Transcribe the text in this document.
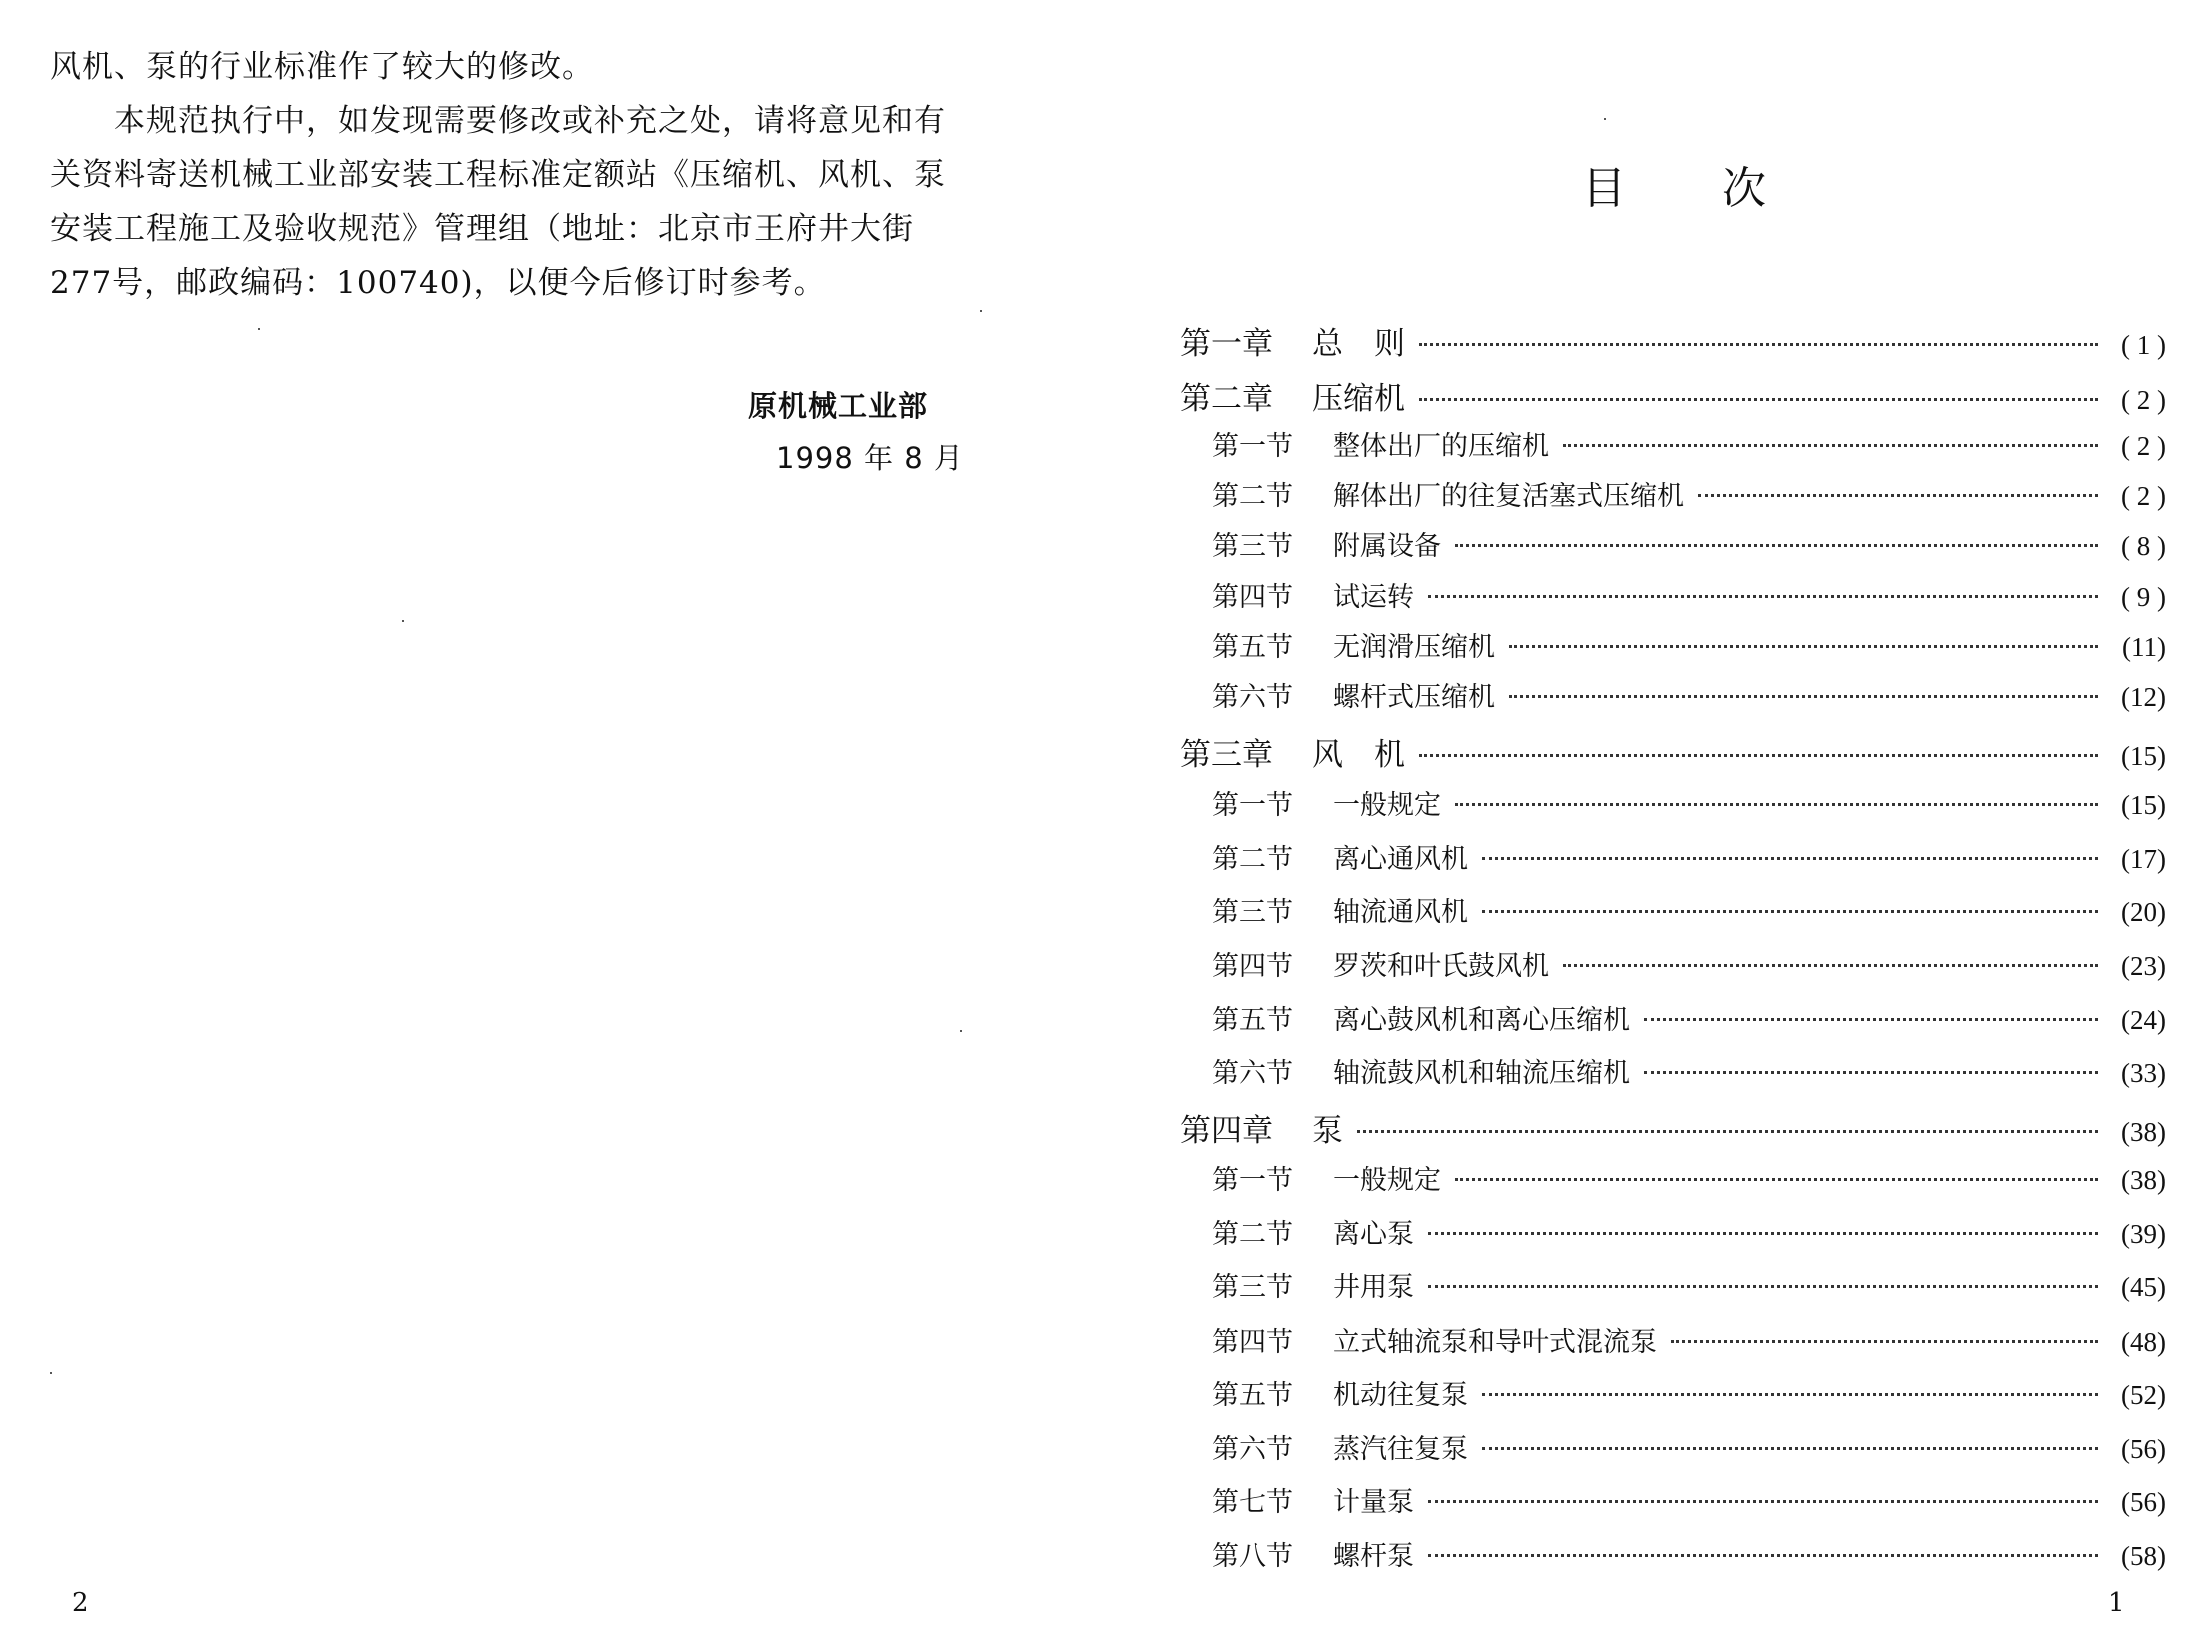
风机、泵的行业标准作了较大的修改。

本规范执行中，如发现需要修改或补充之处，请将意见和有

关资料寄送机械工业部安装工程标准定额站《压缩机、风机、泵

安装工程施工及验收规范》管理组（地址：北京市王府井大街

277号，邮政编码：100740)，以便今后修订时参考。

原机械工业部
1998 年 8 月
2
目 次
第一章 总　则	( 1 )
第二章 压缩机	( 2 )
第一节 整体出厂的压缩机	( 2 )
第二节 解体出厂的往复活塞式压缩机	( 2 )
第三节 附属设备	( 8 )
第四节 试运转	( 9 )
第五节 无润滑压缩机	(11)
第六节 螺杆式压缩机	(12)
第三章 风　机	(15)
第一节 一般规定	(15)
第二节 离心通风机	(17)
第三节 轴流通风机	(20)
第四节 罗茨和叶氏鼓风机	(23)
第五节 离心鼓风机和离心压缩机	(24)
第六节 轴流鼓风机和轴流压缩机	(33)
第四章 泵	(38)
第一节 一般规定	(38)
第二节 离心泵	(39)
第三节 井用泵	(45)
第四节 立式轴流泵和导叶式混流泵	(48)
第五节 机动往复泵	(52)
第六节 蒸汽往复泵	(56)
第七节 计量泵	(56)
第八节 螺杆泵	(58)
1
